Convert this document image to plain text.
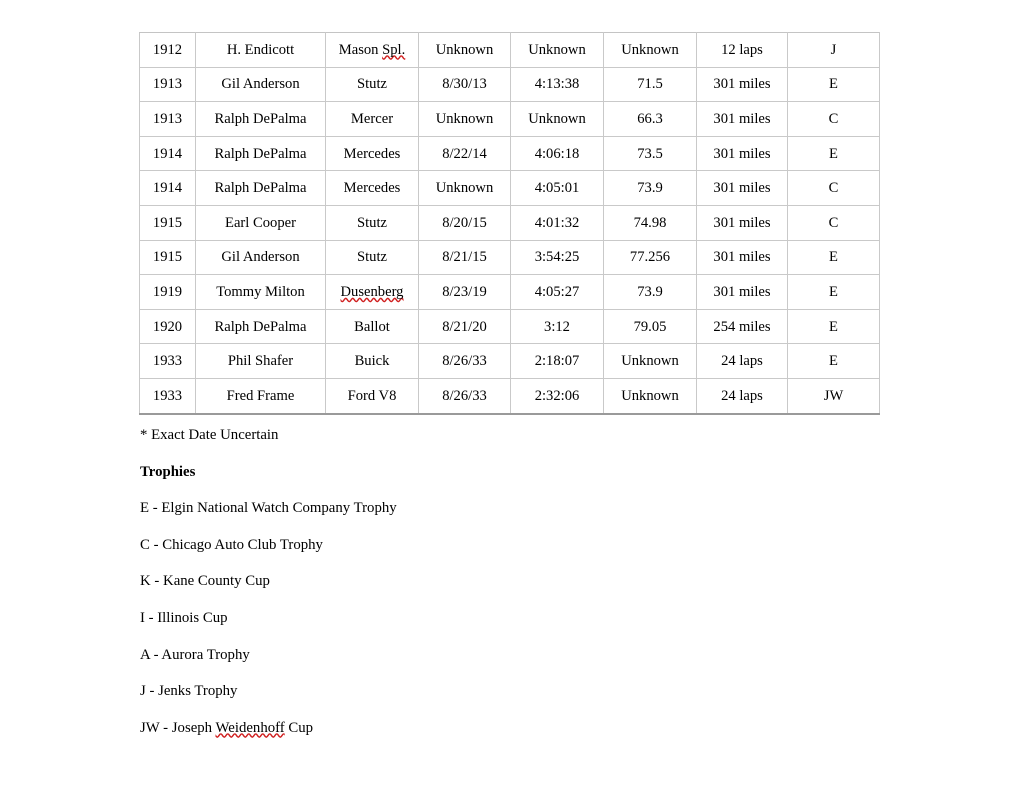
1912	H. Endicott	Mason Spl.	Unknown	Unknown	Unknown	12 laps	J
1913	Gil Anderson	Stutz	8/30/13	4:13:38	71.5	301 miles	E
1913	Ralph DePalma	Mercer	Unknown	Unknown	66.3	301 miles	C
1914	Ralph DePalma	Mercedes	8/22/14	4:06:18	73.5	301 miles	E
1914	Ralph DePalma	Mercedes	Unknown	4:05:01	73.9	301 miles	C
1915	Earl Cooper	Stutz	8/20/15	4:01:32	74.98	301 miles	C
1915	Gil Anderson	Stutz	8/21/15	3:54:25	77.256	301 miles	E
1919	Tommy Milton	Dusenberg	8/23/19	4:05:27	73.9	301 miles	E
1920	Ralph DePalma	Ballot	8/21/20	3:12	79.05	254 miles	E
1933	Phil Shafer	Buick	8/26/33	2:18:07	Unknown	24 laps	E
1933	Fred Frame	Ford V8	8/26/33	2:32:06	Unknown	24 laps	JW
* Exact Date Uncertain
Trophies
E - Elgin National Watch Company Trophy
C - Chicago Auto Club Trophy
K - Kane County Cup
I - Illinois Cup
A - Aurora Trophy
J - Jenks Trophy
JW - Joseph Weidenhoff Cup
